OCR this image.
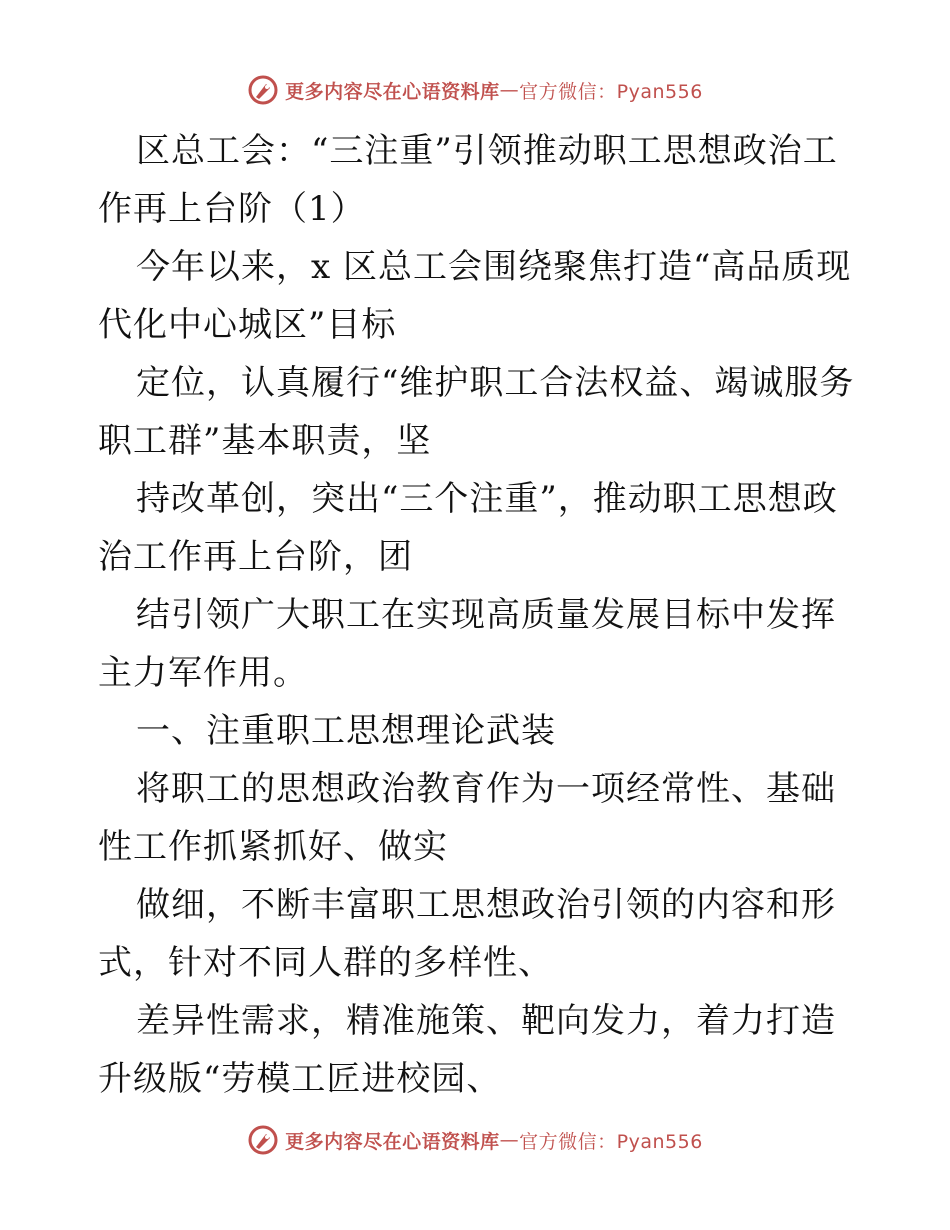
更多内容尽在心语资料库 — 官方微信：Pyan556

区总工会：“三注重”引领推动职工思想政治工作再上台阶（1）

今年以来，x 区总工会围绕聚焦打造“高品质现代化中心城区”目标

定位，认真履行“维护职工合法权益、竭诚服务职工群”基本职责，坚

持改革创，突出“三个注重”，推动职工思想政治工作再上台阶，团

结引领广大职工在实现高质量发展目标中发挥主力军作用。

一、注重职工思想理论武装

将职工的思想政治教育作为一项经常性、基础性工作抓紧抓好、做实

做细，不断丰富职工思想政治引领的内容和形式，针对不同人群的多样性、

差异性需求，精准施策、靶向发力，着力打造升级版“劳模工匠进校园、

更多内容尽在心语资料库 — 官方微信：Pyan556
